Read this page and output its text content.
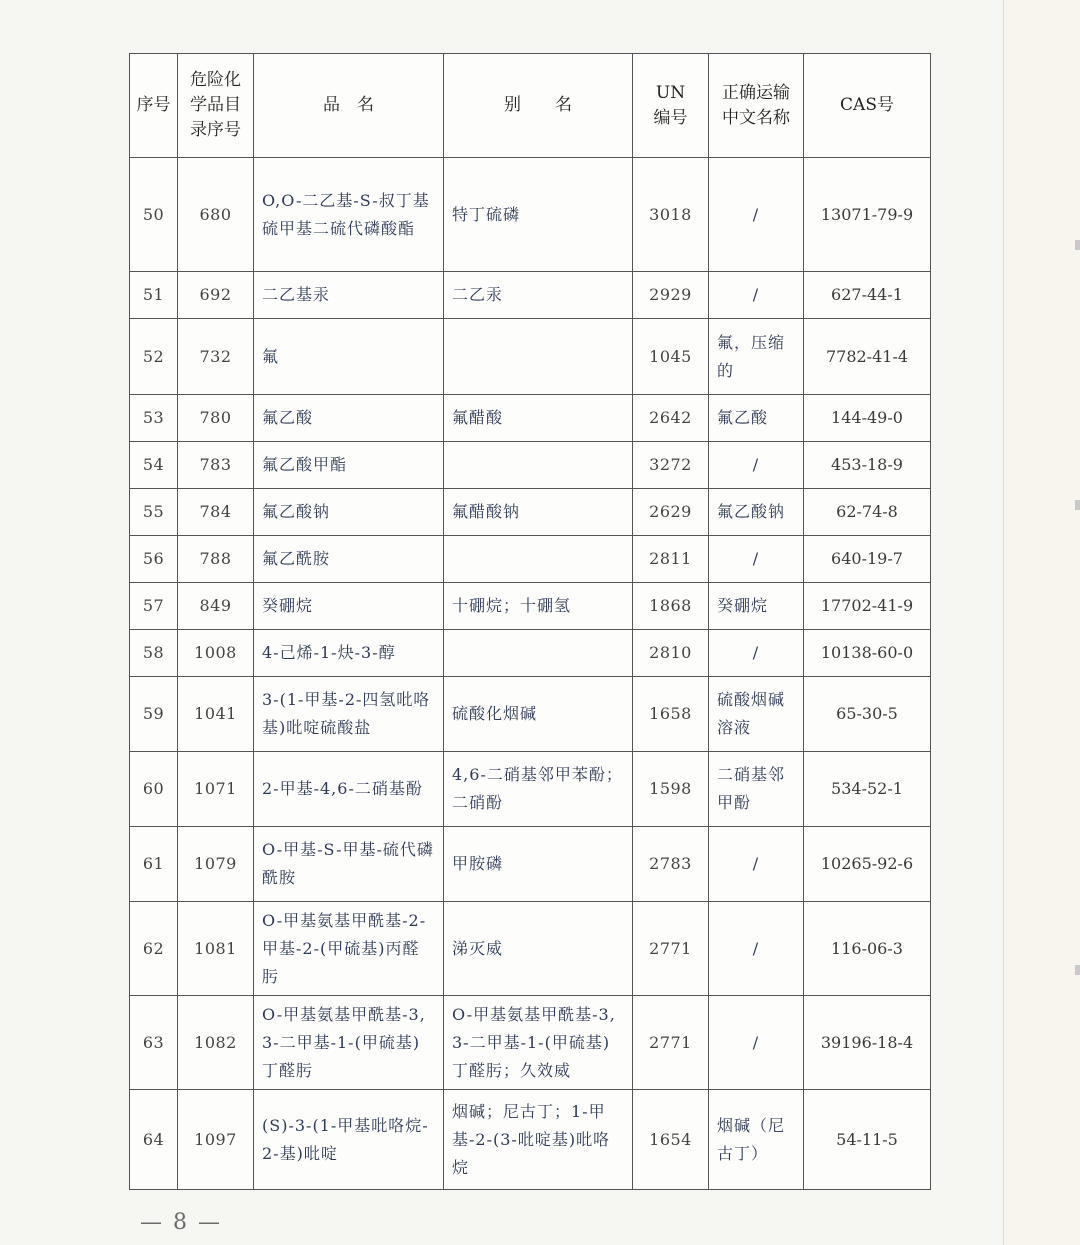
序号	危险化学品目录序号	品　名	别　　名	UN编号	正确运输中文名称	CAS号
50	680	O,O-二乙基-S-叔丁基硫甲基二硫代磷酸酯	特丁硫磷	3018	/	13071-79-9
51	692	二乙基汞	二乙汞	2929	/	627-44-1
52	732	氟		1045	氟，压缩的	7782-41-4
53	780	氟乙酸	氟醋酸	2642	氟乙酸	144-49-0
54	783	氟乙酸甲酯		3272	/	453-18-9
55	784	氟乙酸钠	氟醋酸钠	2629	氟乙酸钠	62-74-8
56	788	氟乙酰胺		2811	/	640-19-7
57	849	癸硼烷	十硼烷；十硼氢	1868	癸硼烷	17702-41-9
58	1008	4-己烯-1-炔-3-醇		2810	/	10138-60-0
59	1041	3-(1-甲基-2-四氢吡咯基)吡啶硫酸盐	硫酸化烟碱	1658	硫酸烟碱溶液	65-30-5
60	1071	2-甲基-4,6-二硝基酚	4,6-二硝基邻甲苯酚；二硝酚	1598	二硝基邻甲酚	534-52-1
61	1079	O-甲基-S-甲基-硫代磷酰胺	甲胺磷	2783	/	10265-92-6
62	1081	O-甲基氨基甲酰基-2-甲基-2-(甲硫基)丙醛肟	涕灭威	2771	/	116-06-3
63	1082	O-甲基氨基甲酰基-3,3-二甲基-1-(甲硫基)丁醛肟	O-甲基氨基甲酰基-3,3-二甲基-1-(甲硫基)丁醛肟；久效威	2771	/	39196-18-4
64	1097	(S)-3-(1-甲基吡咯烷-2-基)吡啶	烟碱；尼古丁；1-甲基-2-(3-吡啶基)吡咯烷	1654	烟碱（尼古丁）	54-11-5
— 8 —
